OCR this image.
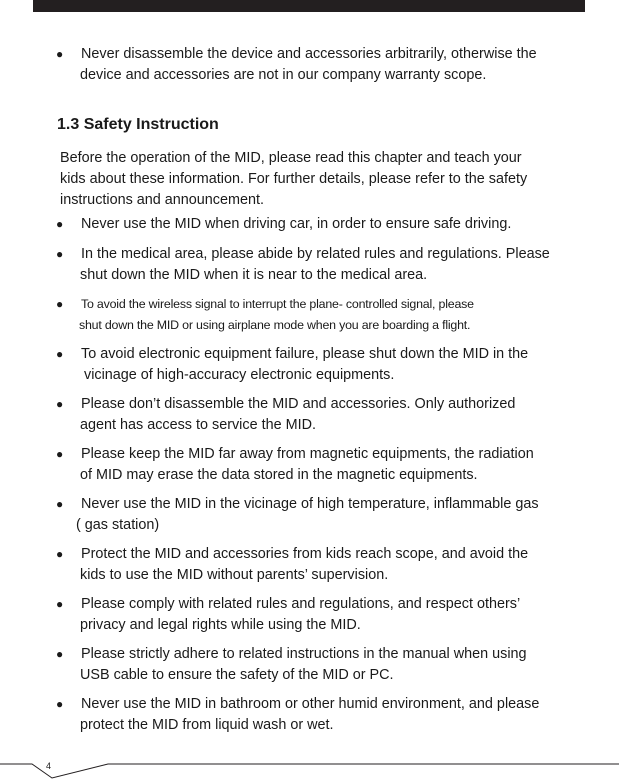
● Never disassemble the device and accessories arbitrarily, otherwise the

device and accessories are not in our company warranty scope.

1.3 Safety Instruction

Before the operation of the MID, please read this chapter and teach your

kids about these information. For further details, please refer to the safety

instructions and announcement.

● Never use the MID when driving car, in order to ensure safe driving.

● In the medical area, please abide by related rules and regulations. Please

shut down the MID when it is near to the medical area.

● To avoid the wireless signal to interrupt the plane- controlled signal, please

shut down the MID or using airplane mode when you are boarding a flight.

● To avoid electronic equipment failure, please shut down the MID in the

vicinage of high-accuracy electronic equipments.

● Please don’t disassemble the MID and accessories. Only authorized

agent has access to service the MID.

● Please keep the MID far away from magnetic equipments, the radiation

of MID may erase the data stored in the magnetic equipments.

● Never use the MID in the vicinage of high temperature, inflammable gas

( gas station)

● Protect the MID and accessories from kids reach scope, and avoid the

kids to use the MID without parents’ supervision.

● Please comply with related rules and regulations, and respect others’

privacy and legal rights while using the MID.

● Please strictly adhere to related instructions in the manual when using

USB cable to ensure the safety of the MID or PC.

● Never use the MID in bathroom or other humid environment, and please

protect the MID from liquid wash or wet.

4
